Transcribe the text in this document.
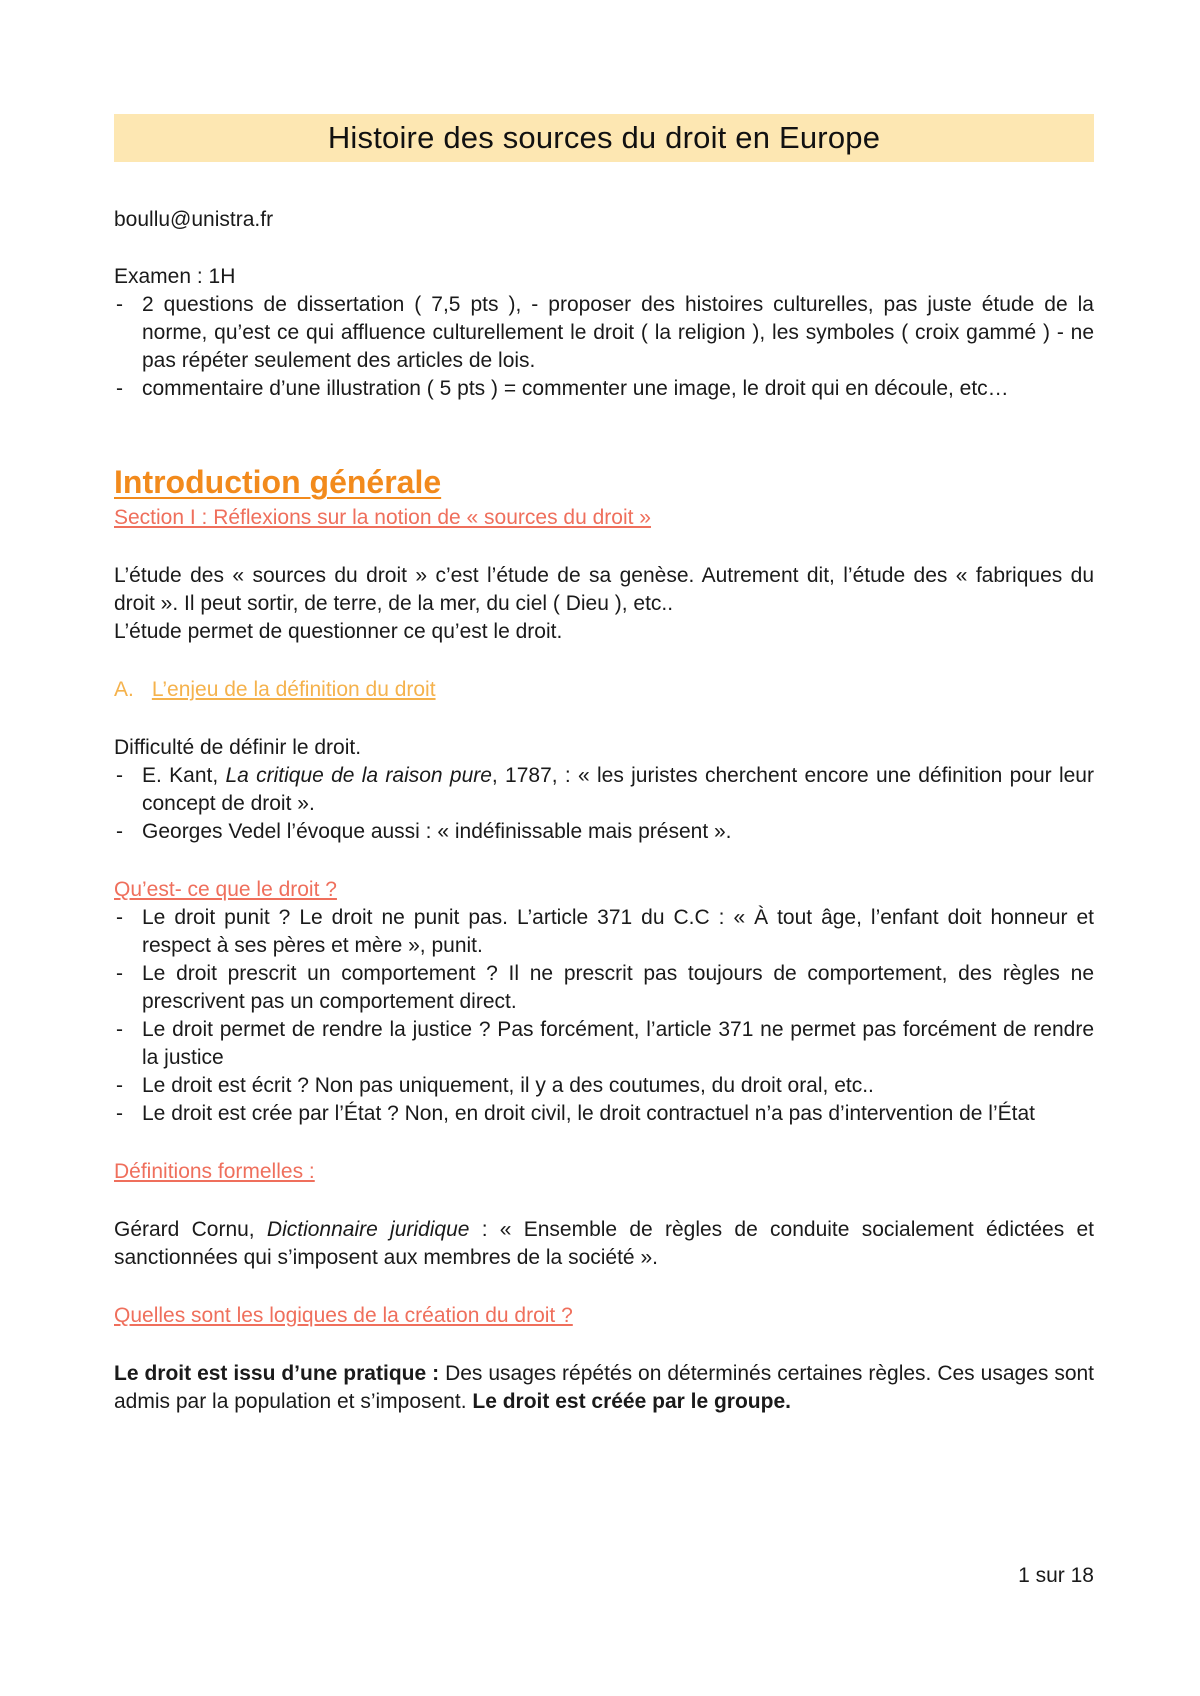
Histoire des sources du droit en Europe

boullu@unistra.fr

Examen : 1H

- 2 questions de dissertation ( 7,5 pts ), - proposer des histoires culturelles, pas juste étude de la norme, qu’est ce qui affluence culturellement le droit ( la religion ), les symboles ( croix gammé ) - ne pas répéter seulement des articles de lois.
- commentaire d’une illustration ( 5 pts ) = commenter une image, le droit qui en découle, etc…
Introduction générale

Section I : Réflexions sur la notion de « sources du droit »

L’étude des « sources du droit » c’est l’étude de sa genèse. Autrement dit, l’étude des « fabriques du droit ». Il peut sortir, de terre, de la mer, du ciel ( Dieu ), etc..

L’étude permet de questionner ce qu’est le droit.

A. L’enjeu de la définition du droit

Difficulté de définir le droit.

- E. Kant, La critique de la raison pure, 1787, : « les juristes cherchent encore une définition pour leur concept de droit ».
- Georges Vedel l’évoque aussi : « indéfinissable mais présent ».

Qu’est- ce que le droit ?

- Le droit punit ? Le droit ne punit pas. L’article 371 du C.C : « À tout âge, l’enfant doit honneur et respect à ses pères et mère », punit.
- Le droit prescrit un comportement ? Il ne prescrit pas toujours de comportement, des règles ne prescrivent pas un comportement direct.
- Le droit permet de rendre la justice ? Pas forcément, l’article 371 ne permet pas forcément de rendre la justice
- Le droit est écrit ? Non pas uniquement, il y a des coutumes, du droit oral, etc..
- Le droit est crée par l’État ? Non, en droit civil, le droit contractuel n’a pas d’intervention de l’État

Définitions formelles :

Gérard Cornu, Dictionnaire juridique : « Ensemble de règles de conduite socialement édictées et sanctionnées qui s’imposent aux membres de la société ».

Quelles sont les logiques de la création du droit ?

Le droit est issu d’une pratique : Des usages répétés on déterminés certaines règles. Ces usages sont admis par la population et s’imposent. Le droit est créée par le groupe.

1 sur 18
